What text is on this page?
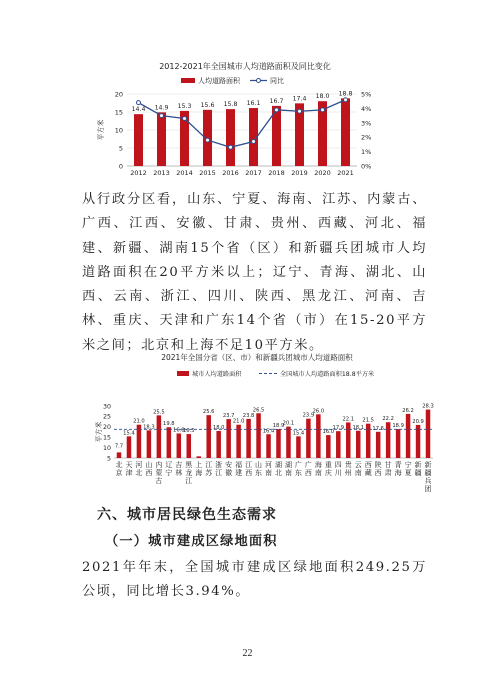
2012-2021年全国城市人均道路面积及同比变化
人均道路面积	同比
平方米
0
5
10
15
20
0%
1%
2%
3%
4%
5%
14.4
2012
14.9
2013
15.3
2014
15.6
2015
15.8
2016
16.1
2017
16.7
2018
17.4
2019
18.0
2020
18.8
2021

从行政分区看，山东、宁夏、海南、江苏、内蒙古、广西、江西、安徽、甘肃、贵州、西藏、河北、福建、新疆、湖南15个省（区）和新疆兵团城市人均道路面积在20平方米以上；辽宁、青海、湖北、山西、云南、浙江、四川、陕西、黑龙江、河南、吉林、重庆、天津和广东14个省（市）在15-20平方米之间；北京和上海不足10平方米。

2021年全国分省（区、市）和新疆兵团城市人均道路面积
城市人均道路面积	全国城市人均道路面积18.8平方米
平方米
5
10
15
20
25
30
7.7
北
京
15.4
天
津
21.0
河
北
18.3
山
西
25.5
内
蒙
古
19.8
辽
宁
16.8
吉
林
16.5
黑
龙
江
上
海
25.6
江
苏
18.0
浙
江
23.7
安
徽
21.0
福
建
23.8
江
西
26.5
山
东
16.4
河
南
18.9
湖
北
20.1
湖
南
15.4
广
东
23.9
广
西
26.0
海
南
16.0
重
庆
17.9
四
川
22.1
贵
州
18.1
云
南
21.5
西
藏
17.6
陕
西
22.2
甘
肃
18.9
青
海
26.2
宁
夏
20.9
新
疆
28.3
新
疆
兵
团
六、城市居民绿色生态需求
（一）城市建成区绿地面积

2021年年末，全国城市建成区绿地面积249.25万公顷，同比增长3.94%。

22
